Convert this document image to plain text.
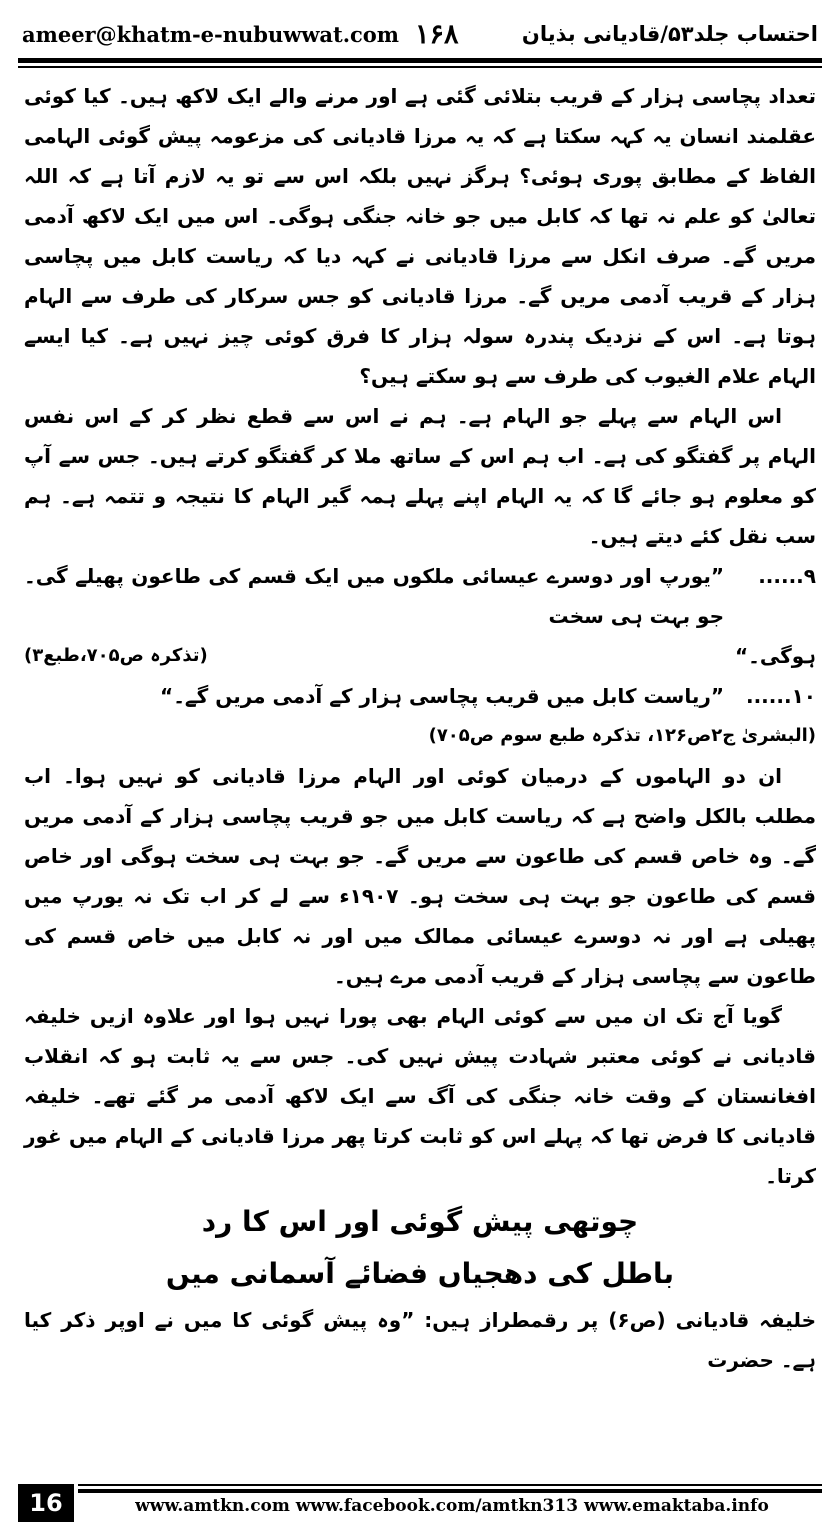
ameer@khatm-e-nubuwwat.com ۱۶۸	احتساب جلد۵۳/قادیانی بذیان

تعداد پچاسی ہزار کے قریب بتلائی گئی ہے اور مرنے والے ایک لاکھ ہیں۔ کیا کوئی عقلمند انسان یہ کہہ سکتا ہے کہ یہ مرزا قادیانی کی مزعومہ پیش گوئی الہامی الفاظ کے مطابق پوری ہوئی؟ ہرگز نہیں بلکہ اس سے تو یہ لازم آتا ہے کہ اللہ تعالیٰ کو علم نہ تھا کہ کابل میں جو خانہ جنگی ہوگی۔ اس میں ایک لاکھ آدمی مریں گے۔ صرف انکل سے مرزا قادیانی نے کہہ دیا کہ ریاست کابل میں پچاسی ہزار کے قریب آدمی مریں گے۔ مرزا قادیانی کو جس سرکار کی طرف سے الہام ہوتا ہے۔ اس کے نزدیک پندرہ سولہ ہزار کا فرق کوئی چیز نہیں ہے۔ کیا ایسے الہام علام الغیوب کی طرف سے ہو سکتے ہیں؟

اس الہام سے پہلے جو الہام ہے۔ ہم نے اس سے قطع نظر کر کے اس نفس الہام پر گفتگو کی ہے۔ اب ہم اس کے ساتھ ملا کر گفتگو کرتے ہیں۔ جس سے آپ کو معلوم ہو جائے گا کہ یہ الہام اپنے پہلے ہمہ گیر الہام کا نتیجہ و تتمہ ہے۔ ہم سب نقل کئے دیتے ہیں۔

۹......
”یورپ اور دوسرے عیسائی ملکوں میں ایک قسم کی طاعون پھیلے گی۔ جو بہت ہی سخت
ہوگی۔“
(تذکرہ ص۷۰۵،طبع۳)
۱۰......
”ریاست کابل میں قریب پچاسی ہزار کے آدمی مریں گے۔“

(البشریٰ ج۲ص۱۲۶، تذکرہ طبع سوم ص۷۰۵)

ان دو الہاموں کے درمیان کوئی اور الہام مرزا قادیانی کو نہیں ہوا۔ اب مطلب بالکل واضح ہے کہ ریاست کابل میں جو قریب پچاسی ہزار کے آدمی مریں گے۔ وہ خاص قسم کی طاعون سے مریں گے۔ جو بہت ہی سخت ہوگی اور خاص قسم کی طاعون جو بہت ہی سخت ہو۔ ۱۹۰۷ء سے لے کر اب تک نہ یورپ میں پھیلی ہے اور نہ دوسرے عیسائی ممالک میں اور نہ کابل میں خاص قسم کی طاعون سے پچاسی ہزار کے قریب آدمی مرے ہیں۔

گویا آج تک ان میں سے کوئی الہام بھی پورا نہیں ہوا اور علاوہ ازیں خلیفہ قادیانی نے کوئی معتبر شہادت پیش نہیں کی۔ جس سے یہ ثابت ہو کہ انقلاب افغانستان کے وقت خانہ جنگی کی آگ سے ایک لاکھ آدمی مر گئے تھے۔ خلیفہ قادیانی کا فرض تھا کہ پہلے اس کو ثابت کرتا پھر مرزا قادیانی کے الہام میں غور کرتا۔

چوتھی پیش گوئی اور اس کا رد

باطل کی دھجیاں فضائے آسمانی میں

خلیفہ قادیانی (ص۶) پر رقمطراز ہیں: ”وہ پیش گوئی کا میں نے اوپر ذکر کیا ہے۔ حضرت

16	www.amtkn.com www.facebook.com/amtkn313 www.emaktaba.info
